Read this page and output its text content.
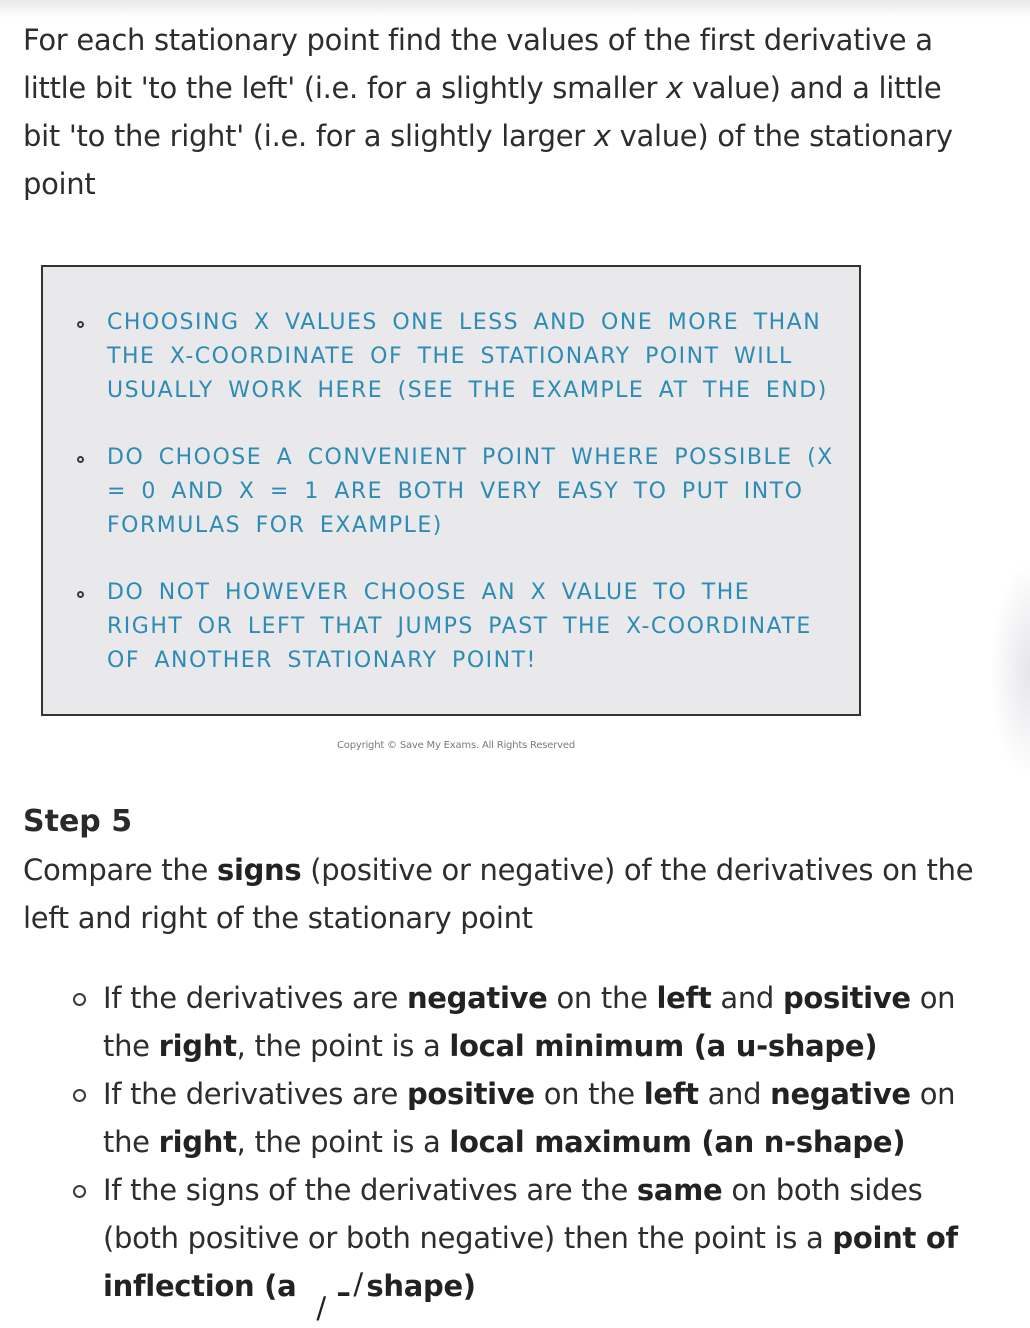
For each stationary point find the values of the first derivative a little bit 'to the left' (i.e. for a slightly smaller x value) and a little bit 'to the right' (i.e. for a slightly larger x value) of the stationary point

CHOOSING X VALUES ONE LESS AND ONE MORE THAN THE X-COORDINATE OF THE STATIONARY POINT WILL USUALLY WORK HERE (SEE THE EXAMPLE AT THE END)
DO CHOOSE A CONVENIENT POINT WHERE POSSIBLE (X = 0 AND X = 1 ARE BOTH VERY EASY TO PUT INTO FORMULAS FOR EXAMPLE)
DO NOT HOWEVER CHOOSE AN X VALUE TO THE RIGHT OR LEFT THAT JUMPS PAST THE X-COORDINATE OF ANOTHER STATIONARY POINT!
Copyright © Save My Exams. All Rights Reserved
Step 5

Compare the signs (positive or negative) of the derivatives on the left and right of the stationary point

If the derivatives are negative on the left and positive on the right, the point is a local minimum (a u-shape)
If the derivatives are positive on the left and negative on the right, the point is a local maximum (an n-shape)
If the signs of the derivatives are the same on both sides (both positive or both negative) then the point is a point of inflection (a
/ – / shape)
